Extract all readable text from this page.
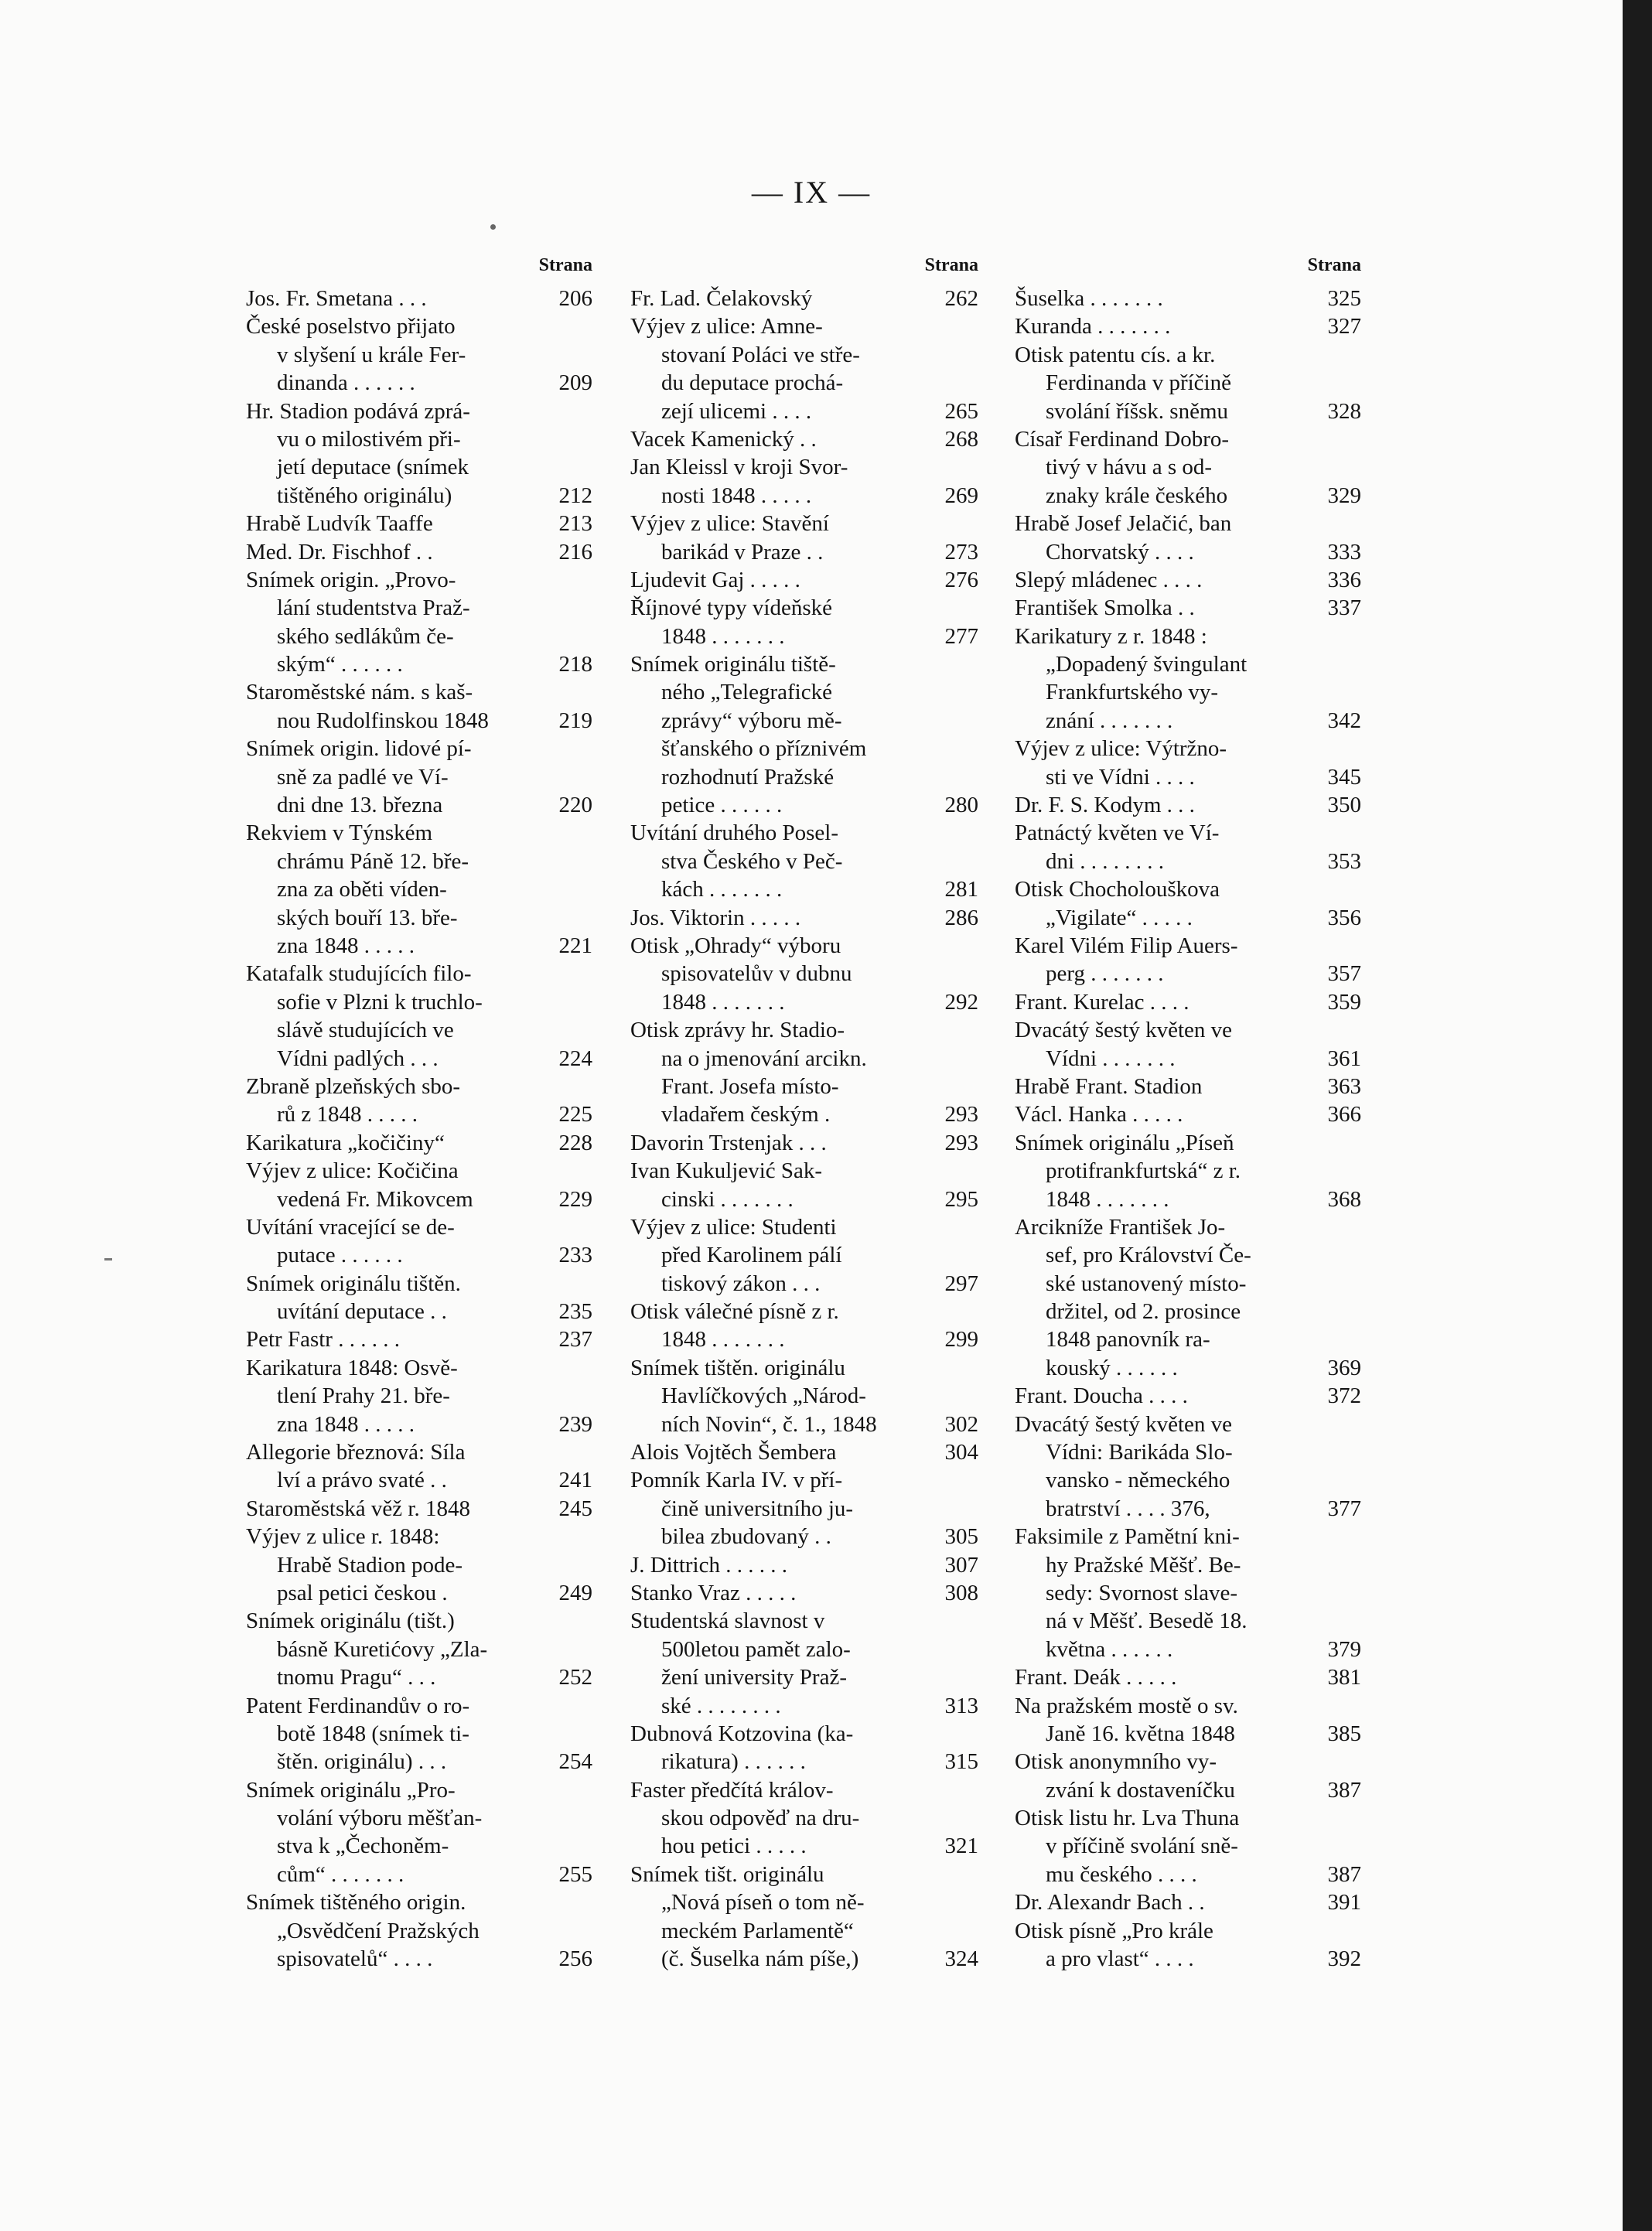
— IX —
Strana
Jos. Fr. Smetana . . .	206
České poselstvo přijato
v slyšení u krále Fer-
dinanda . . . . . .	209
Hr. Stadion podává zprá-
vu o milostivém při-
jetí deputace (snímek
tištěného originálu)	212
Hrabě Ludvík Taaffe	213
Med. Dr. Fischhof . .	216
Snímek origin. „Provo-
lání studentstva Praž-
ského sedlákům če-
ským“ . . . . . .	218
Staroměstské nám. s kaš-
nou Rudolfinskou 1848	219
Snímek origin. lidové pí-
sně za padlé ve Ví-
dni dne 13. března	220
Rekviem v Týnském
chrámu Páně 12. bře-
zna za oběti víden-
ských bouří 13. bře-
zna 1848 . . . . .	221
Katafalk studujících filo-
sofie v Plzni k truchlo-
slávě studujících ve
Vídni padlých . . .	224
Zbraně plzeňských sbo-
rů z 1848 . . . . .	225
Karikatura „kočičiny“	228
Výjev z ulice: Kočičina
vedená Fr. Mikovcem	229
Uvítání vracející se de-
putace . . . . . .	233
Snímek originálu tištěn.
uvítání deputace . .	235
Petr Fastr . . . . . .	237
Karikatura 1848: Osvě-
tlení Prahy 21. bře-
zna 1848 . . . . .	239
Allegorie březnová: Síla
lví a právo svaté . .	241
Staroměstská věž r. 1848	245
Výjev z ulice r. 1848:
Hrabě Stadion pode-
psal petici českou .	249
Snímek originálu (tišt.)
básně Kuretićovy „Zla-
tnomu Pragu“ . . .	252
Patent Ferdinandův o ro-
botě 1848 (snímek ti-
štěn. originálu) . . .	254
Snímek originálu „Pro-
volání výboru měšťan-
stva k „Čechoněm-
cům“ . . . . . . .	255
Snímek tištěného origin.
„Osvědčení Pražských
spisovatelů“ . . . .	256
Strana
Fr. Lad. Čelakovský	262
Výjev z ulice: Amne-
stovaní Poláci ve stře-
du deputace prochá-
zejí ulicemi . . . .	265
Vacek Kamenický . .	268
Jan Kleissl v kroji Svor-
nosti 1848 . . . . .	269
Výjev z ulice: Stavění
barikád v Praze . .	273
Ljudevit Gaj . . . . .	276
Říjnové typy vídeňské
1848 . . . . . . .	277
Snímek originálu tiště-
ného „Telegrafické
zprávy“ výboru mě-
šťanského o příznivém
rozhodnutí Pražské
petice . . . . . .	280
Uvítání druhého Posel-
stva Českého v Peč-
kách . . . . . . .	281
Jos. Viktorin . . . . .	286
Otisk „Ohrady“ výboru
spisovatelův v dubnu
1848 . . . . . . .	292
Otisk zprávy hr. Stadio-
na o jmenování arcikn.
Frant. Josefa místo-
vladařem českým .	293
Davorin Trstenjak . . .	293
Ivan Kukuljević Sak-
cinski . . . . . . .	295
Výjev z ulice: Studenti
před Karolinem pálí
tiskový zákon . . .	297
Otisk válečné písně z r.
1848 . . . . . . .	299
Snímek tištěn. originálu
Havlíčkových „Národ-
ních Novin“, č. 1., 1848	302
Alois Vojtěch Šembera	304
Pomník Karla IV. v pří-
čině universitního ju-
bilea zbudovaný . .	305
J. Dittrich . . . . . .	307
Stanko Vraz . . . . .	308
Studentská slavnost v
500letou pamět zalo-
žení university Praž-
ské . . . . . . . .	313
Dubnová Kotzovina (ka-
rikatura) . . . . . .	315
Faster předčítá králov-
skou odpověď na dru-
hou petici . . . . .	321
Snímek tišt. originálu
„Nová píseň o tom ně-
meckém Parlamentě“
(č. Šuselka nám píše,)	324
Strana
Šuselka . . . . . . .	325
Kuranda . . . . . . .	327
Otisk patentu cís. a kr.
Ferdinanda v příčině
svolání říšsk. sněmu	328
Císař Ferdinand Dobro-
tivý v hávu a s od-
znaky krále českého	329
Hrabě Josef Jelačić, ban
Chorvatský . . . .	333
Slepý mládenec . . . .	336
František Smolka . .	337
Karikatury z r. 1848 :
„Dopadený švingulant
Frankfurtského vy-
znání . . . . . . .	342
Výjev z ulice: Výtržno-
sti ve Vídni . . . .	345
Dr. F. S. Kodym . . .	350
Patnáctý květen ve Ví-
dni . . . . . . . .	353
Otisk Chocholouškova
„Vigilate“ . . . . .	356
Karel Vilém Filip Auers-
perg . . . . . . .	357
Frant. Kurelac . . . .	359
Dvacátý šestý květen ve
Vídni . . . . . . .	361
Hrabě Frant. Stadion	363
Václ. Hanka . . . . .	366
Snímek originálu „Píseň
protifrankfurtská“ z r.
1848 . . . . . . .	368
Arcikníže František Jo-
sef, pro Království Če-
ské ustanovený místo-
držitel, od 2. prosince
1848 panovník ra-
kouský . . . . . .	369
Frant. Doucha . . . .	372
Dvacátý šestý květen ve
Vídni: Barikáda Slo-
vansko - německého
bratrství . . . . 376,	377
Faksimile z Pamětní kni-
hy Pražské Měšť. Be-
sedy: Svornost slave-
ná v Měšť. Besedě 18.
května . . . . . .	379
Frant. Deák . . . . .	381
Na pražském mostě o sv.
Janě 16. května 1848	385
Otisk anonymního vy-
zvání k dostaveníčku	387
Otisk listu hr. Lva Thuna
v příčině svolání sně-
mu českého . . . .	387
Dr. Alexandr Bach . .	391
Otisk písně „Pro krále
a pro vlast“ . . . .	392
